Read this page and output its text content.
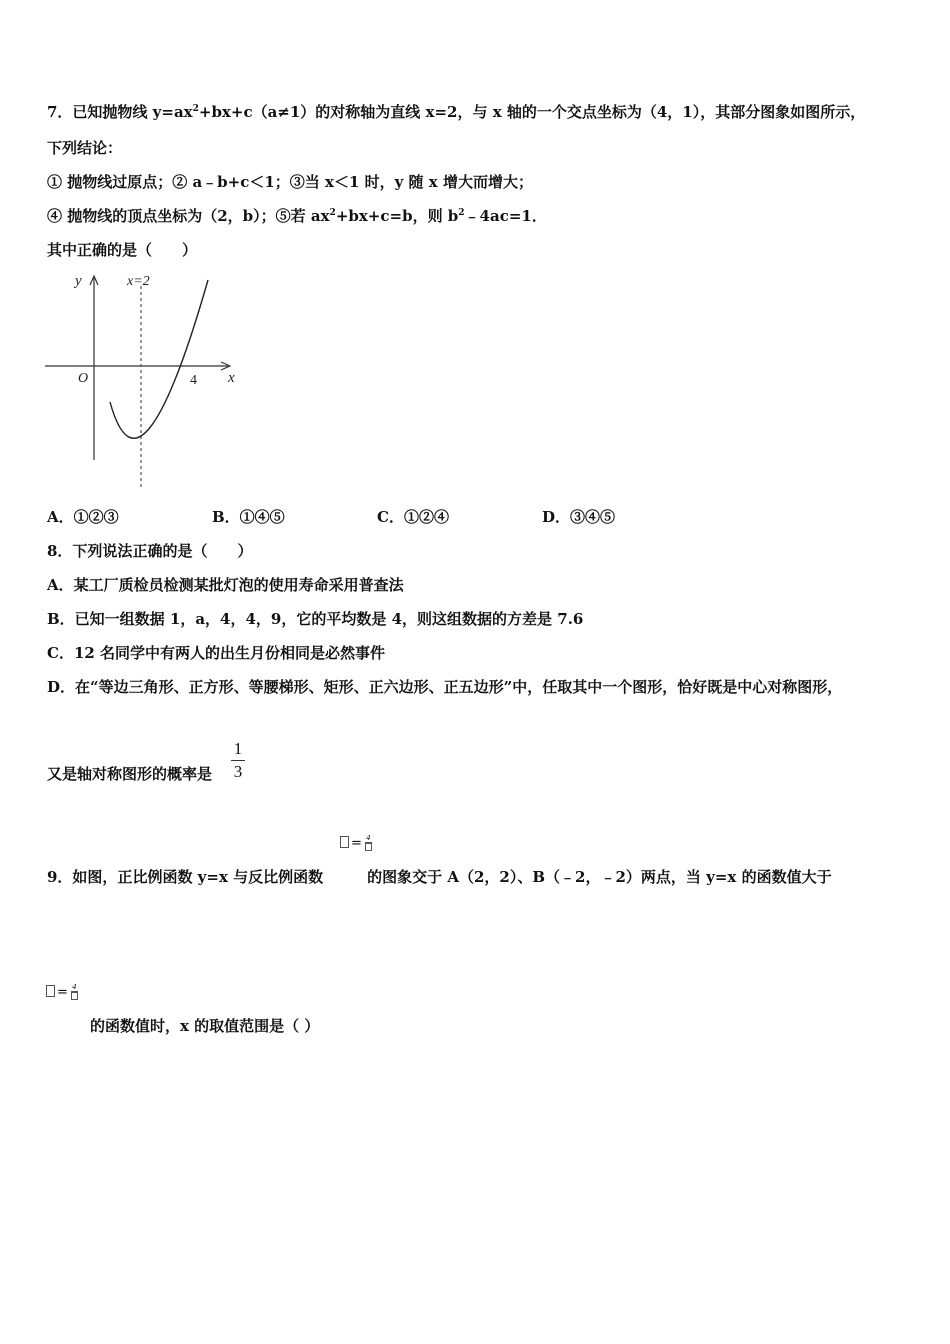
7．已知抛物线 $y=ax^2+bx+c(a\ne 1)$的对称轴为直线 x=2，与 x 轴的一个交点坐标为（4，1），其部分图象如图所示，
下列结论：
① 抛物线过原点；② a﹣b+c＜1；③当 x＜1 时，y 随 x 增大而增大；
④ 抛物线的顶点坐标为（2，b）；⑤若 $ax^2+bx+c=b$，则 $b^2﹣4ac=1$．
其中正确的是（　　）
y	x=2
O	4 x
A．①②③	B．①④⑤	C．①②④	D．③④⑤
8．下列说法正确的是（　　）
A．某工厂质检员检测某批灯泡的使用寿命采用普查法
B．已知一组数据 1，a，4，4，9，它的平均数是 4，则这组数据的方差是 7.6
C．12 名同学中有两人的出生月份相同是必然事件
D．在“等边三角形、正方形、等腰梯形、矩形、正六边形、正五边形”中，任取其中一个图形，恰好既是中心对称图形，
又是轴对称图形的概率是 $\frac{1}{3}$
= 4
9．如图，正比例函数 y=x 与反比例函数	的图象交于 A（2，2）、B（﹣2，﹣2）两点，当 y=x 的函数值大于
= 4
的函数值时，x 的取值范围是（ ）
